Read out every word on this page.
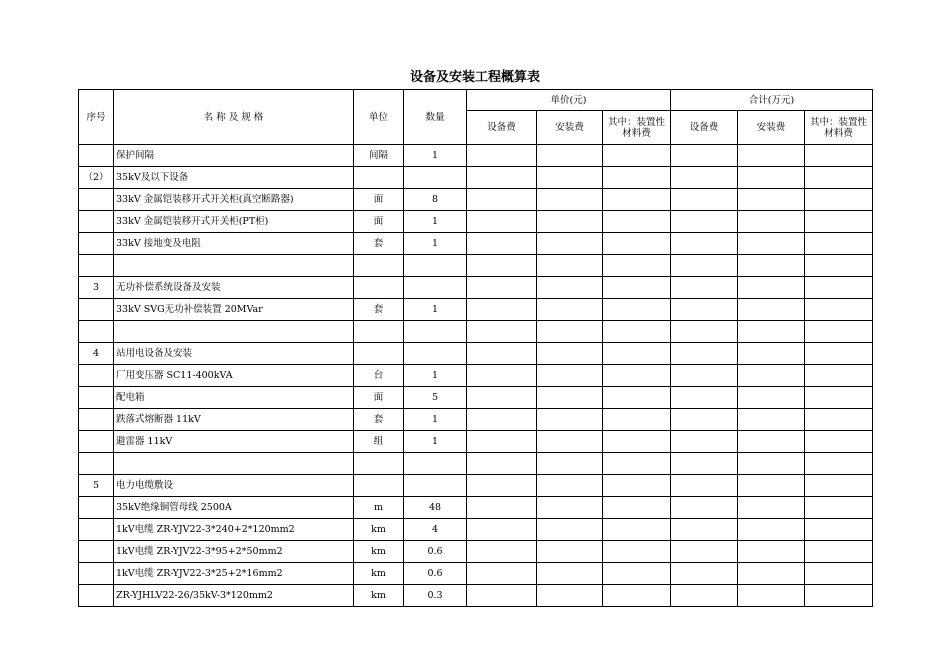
设备及安装工程概算表
序号	名 称 及 规 格	单位	数量	单价(元)			合计(万元)		
				设备费	安装费	其中：装置性材料费	设备费	安装费	其中：装置性材料费
	保护间隔	间隔	1						
（2）	35kV及以下设备								
	33kV 金属铠装移开式开关柜(真空断路器)	面	8						
	33kV 金属铠装移开式开关柜(PT柜)	面	1						
	33kV 接地变及电阻	套	1						

3	无功补偿系统设备及安装								
	33kV SVG无功补偿装置 20MVar	套	1						

4	站用电设备及安装								
	厂用变压器 SC11-400kVA	台	1						
	配电箱	面	5						
	跌落式熔断器 11kV	套	1						
	避雷器 11kV	组	1						

5	电力电缆敷设								
	35kV绝缘铜管母线 2500A	m	48						
	1kV电缆 ZR-YJV22-3*240+2*120mm2	km	4						
	1kV电缆 ZR-YJV22-3*95+2*50mm2	km	0.6						
	1kV电缆 ZR-YJV22-3*25+2*16mm2	km	0.6						
	ZR-YJHLV22-26/35kV-3*120mm2	km	0.3						
